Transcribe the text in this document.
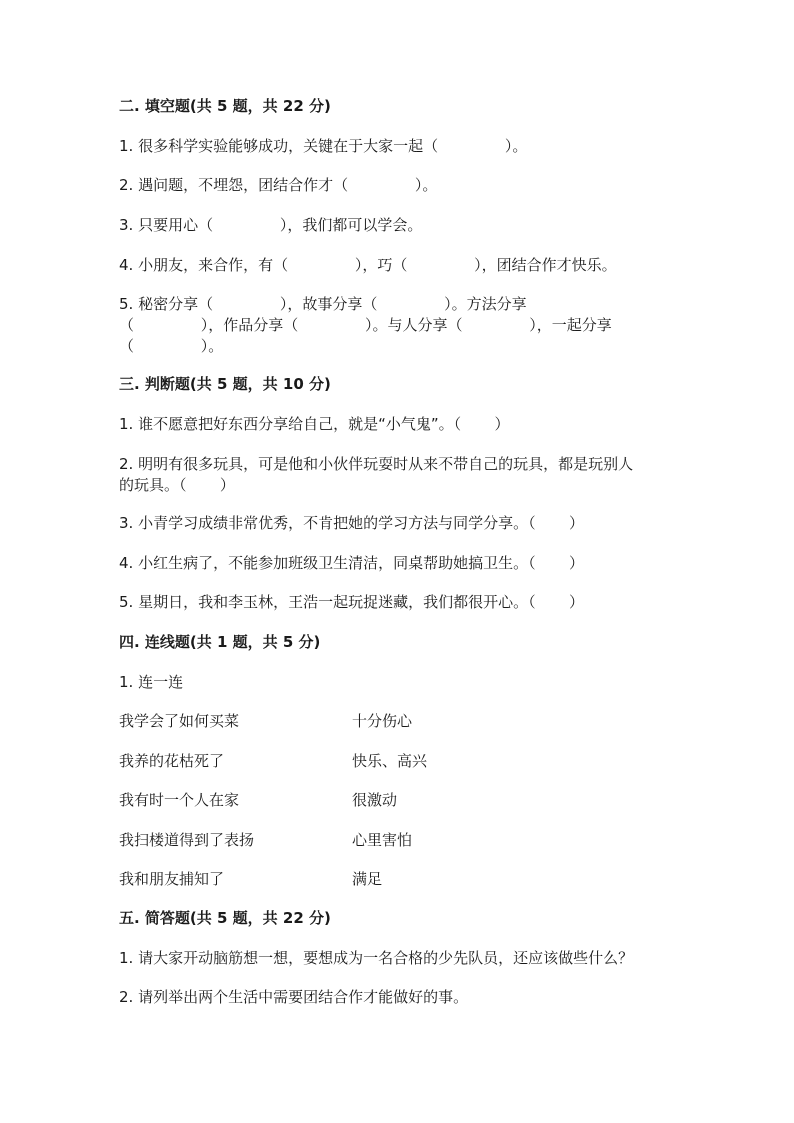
二. 填空题(共 5 题，共 22 分)

1. 很多科学实验能够成功，关键在于大家一起（              ）。

2. 遇问题，不埋怨，团结合作才（              ）。

3. 只要用心（              ），我们都可以学会。

4. 小朋友，来合作，有（              ），巧（              ），团结合作才快乐。

5. 秘密分享（              ），故事分享（              ）。方法分享

（              ），作品分享（              ）。与人分享（              ），一起分享

（              ）。

三. 判断题(共 5 题，共 10 分)

1. 谁不愿意把好东西分享给自己，就是“小气鬼”。（       ）

2. 明明有很多玩具，可是他和小伙伴玩耍时从来不带自己的玩具，都是玩别人

的玩具。（       ）

3. 小青学习成绩非常优秀，不肯把她的学习方法与同学分享。（       ）

4. 小红生病了，不能参加班级卫生清洁，同桌帮助她搞卫生。（       ）

5. 星期日，我和李玉林，王浩一起玩捉迷藏，我们都很开心。（       ）

四. 连线题(共 1 题，共 5 分)

1. 连一连

我学会了如何买菜	十分伤心

我养的花枯死了	快乐、高兴

我有时一个人在家	很激动

我扫楼道得到了表扬	心里害怕

我和朋友捕知了	满足

五. 简答题(共 5 题，共 22 分)

1. 请大家开动脑筋想一想，要想成为一名合格的少先队员，还应该做些什么？

2. 请列举出两个生活中需要团结合作才能做好的事。
